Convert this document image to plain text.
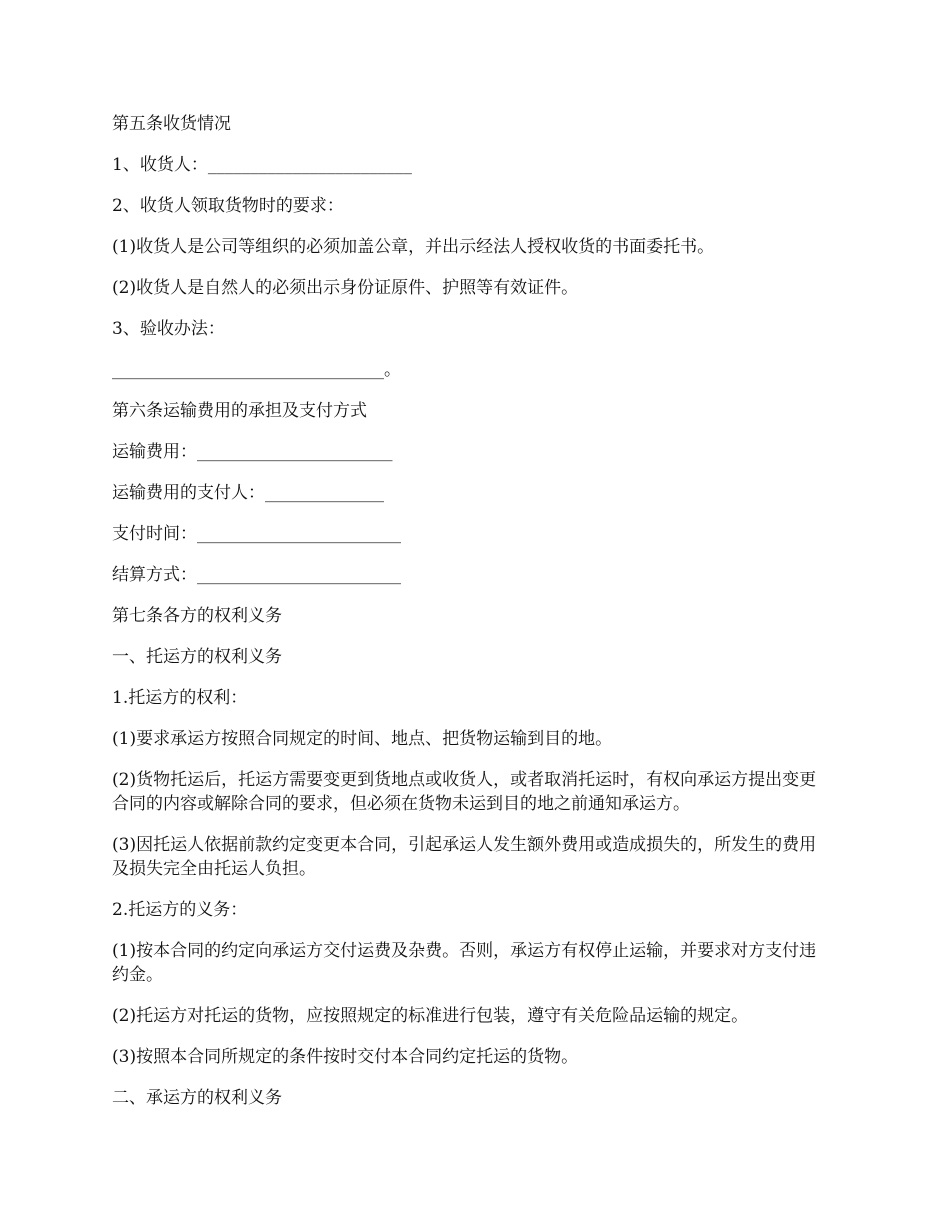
第五条收货情况

1、收货人：________________________

2、收货人领取货物时的要求：

(1)收货人是公司等组织的必须加盖公章，并出示经法人授权收货的书面委托书。

(2)收货人是自然人的必须出示身份证原件、护照等有效证件。

3、验收办法：

________________________________。

第六条运输费用的承担及支付方式

运输费用：_______________________

运输费用的支付人：______________

支付时间：________________________

结算方式：________________________

第七条各方的权利义务

一、托运方的权利义务

1.托运方的权利：

(1)要求承运方按照合同规定的时间、地点、把货物运输到目的地。

(2)货物托运后，托运方需要变更到货地点或收货人，或者取消托运时，有权向承运方提出变更合同的内容或解除合同的要求，但必须在货物未运到目的地之前通知承运方。

(3)因托运人依据前款约定变更本合同，引起承运人发生额外费用或造成损失的，所发生的费用及损失完全由托运人负担。

2.托运方的义务：

(1)按本合同的约定向承运方交付运费及杂费。否则，承运方有权停止运输，并要求对方支付违约金。

(2)托运方对托运的货物，应按照规定的标准进行包装，遵守有关危险品运输的规定。

(3)按照本合同所规定的条件按时交付本合同约定托运的货物。

二、承运方的权利义务
